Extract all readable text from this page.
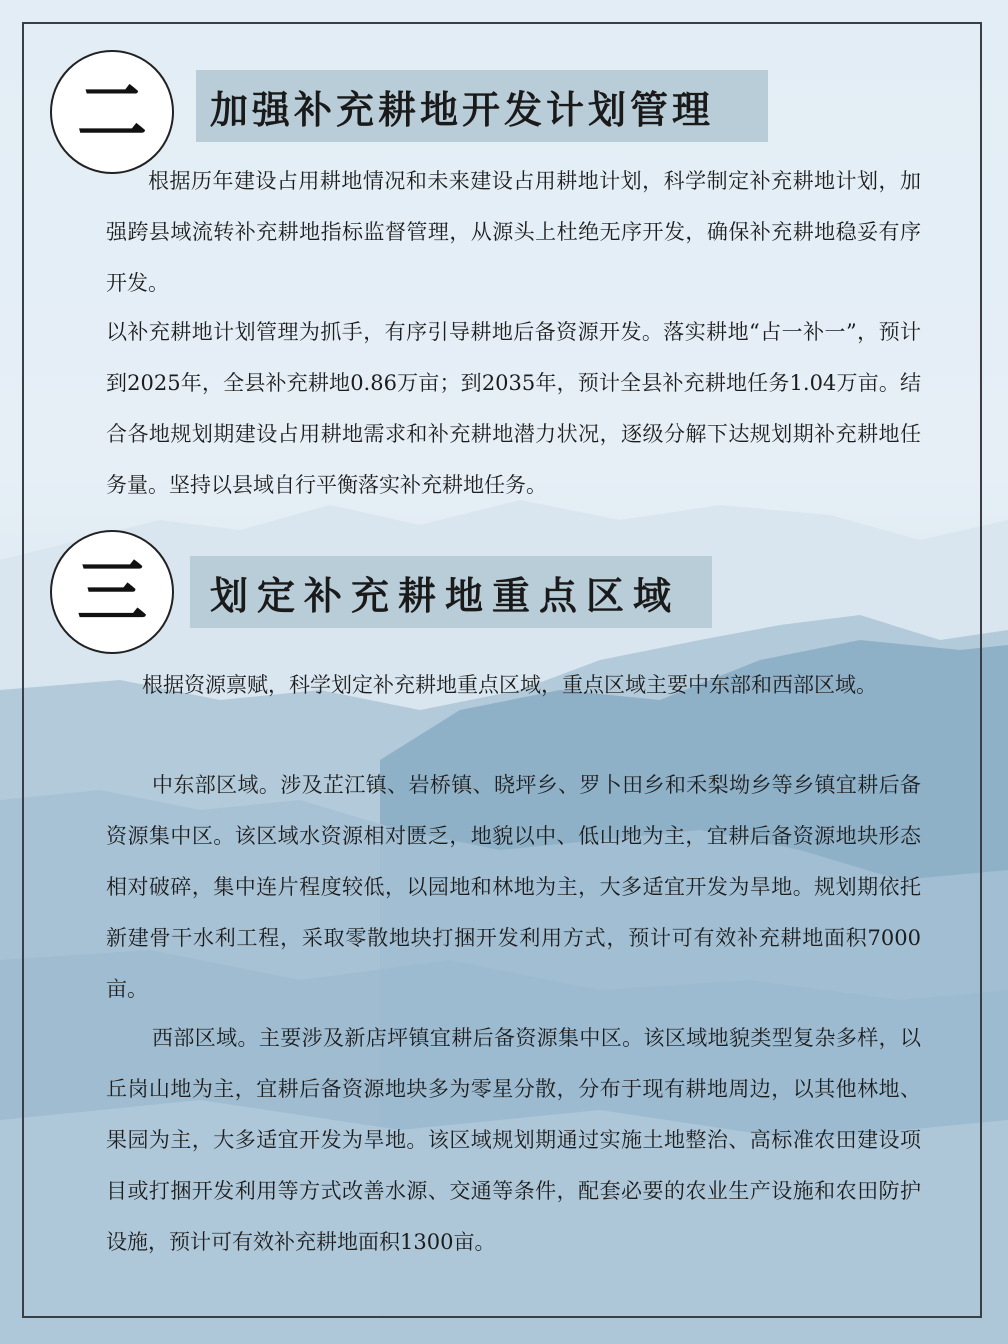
加强补充耕地开发计划管理
二

根据历年建设占用耕地情况和未来建设占用耕地计划，科学制定补充耕地计划，加强跨县域流转补充耕地指标监督管理，从源头上杜绝无序开发，确保补充耕地稳妥有序开发。

以补充耕地计划管理为抓手，有序引导耕地后备资源开发。落实耕地“占一补一”，预计到2025年，全县补充耕地0.86万亩；到2035年，预计全县补充耕地任务1.04万亩。结合各地规划期建设占用耕地需求和补充耕地潜力状况，逐级分解下达规划期补充耕地任务量。坚持以县域自行平衡落实补充耕地任务。

划定补充耕地重点区域
三

根据资源禀赋，科学划定补充耕地重点区域，重点区域主要中东部和西部区域。

中东部区域。涉及芷江镇、岩桥镇、晓坪乡、罗卜田乡和禾梨坳乡等乡镇宜耕后备资源集中区。该区域水资源相对匮乏，地貌以中、低山地为主，宜耕后备资源地块形态相对破碎，集中连片程度较低，以园地和林地为主，大多适宜开发为旱地。规划期依托新建骨干水利工程，采取零散地块打捆开发利用方式，预计可有效补充耕地面积7000亩。

西部区域。主要涉及新店坪镇宜耕后备资源集中区。该区域地貌类型复杂多样，以丘岗山地为主，宜耕后备资源地块多为零星分散，分布于现有耕地周边，以其他林地、果园为主，大多适宜开发为旱地。该区域规划期通过实施土地整治、高标准农田建设项目或打捆开发利用等方式改善水源、交通等条件，配套必要的农业生产设施和农田防护设施，预计可有效补充耕地面积1300亩。
